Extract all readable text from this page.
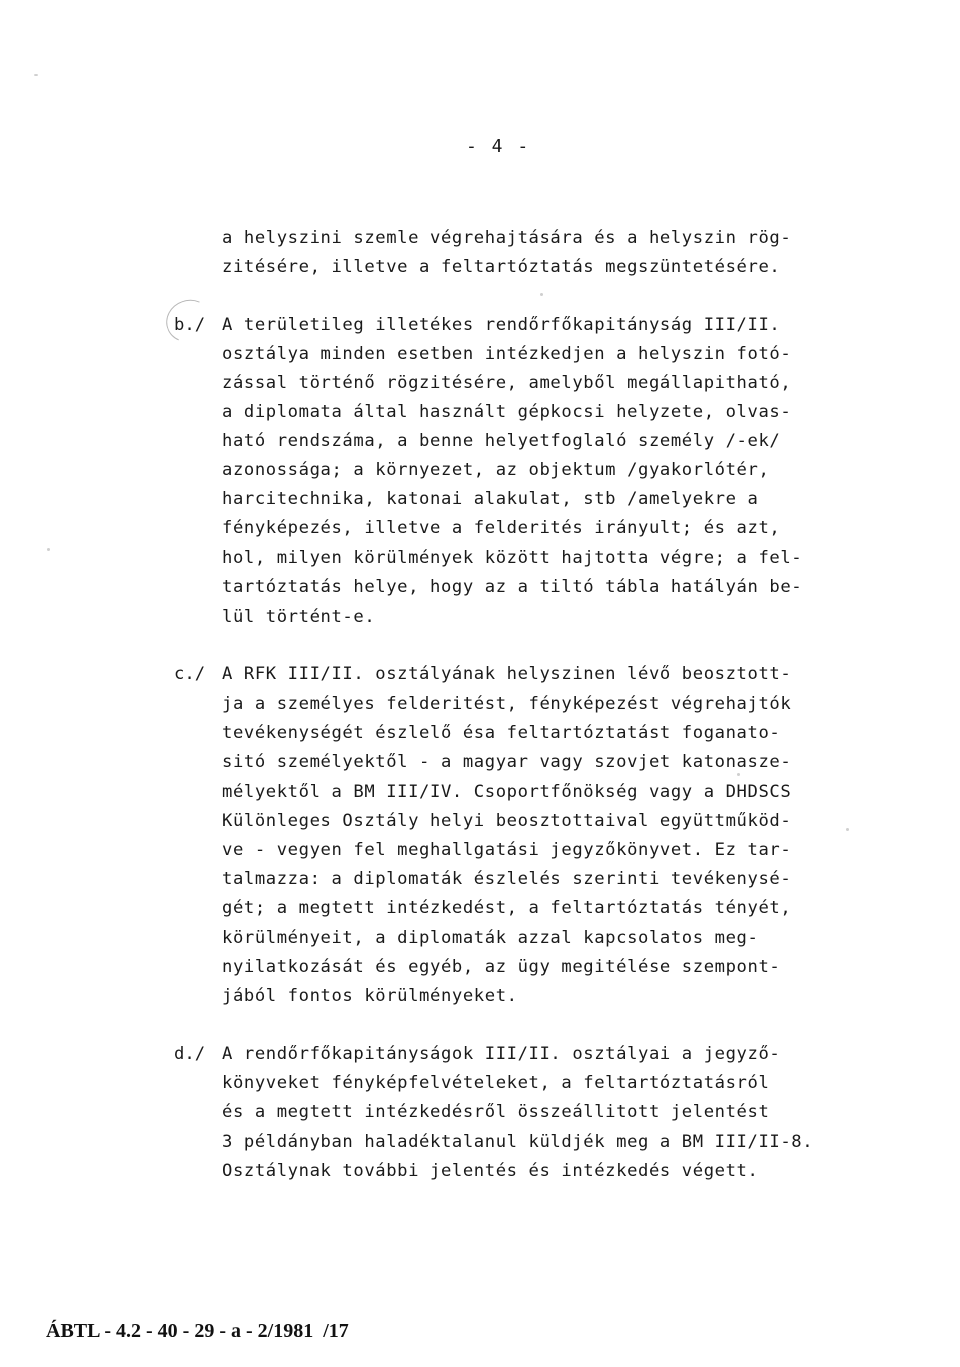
- 4 -
a helyszini szemle végrehajtására és a helyszin rög-
zitésére, illetve a feltartóztatás megszüntetésére.
b./ A területileg illetékes rendőrfőkapitányság III/II.
osztálya minden esetben intézkedjen a helyszin fotó-
zással történő rögzitésére, amelyből megállapitható,
a diplomata által használt gépkocsi helyzete, olvas-
ható rendszáma, a benne helyetfoglaló személy /-ek/
azonossága; a környezet, az objektum /gyakorlótér,
harcitechnika, katonai alakulat, stb /amelyekre a
fényképezés, illetve a felderités irányult; és azt,
hol, milyen körülmények között hajtotta végre; a fel-
tartóztatás helye, hogy az a tiltó tábla hatályán be-
lül történt-e.
c./ A RFK III/II. osztályának helyszinen lévő beosztott-
ja a személyes felderitést, fényképezést végrehajtók
tevékenységét észlelő ésa feltartóztatást foganato-
sitó személyektől - a magyar vagy szovjet katonasze-
mélyektől a BM III/IV. Csoportfőnökség vagy a DHDSCS
Különleges Osztály helyi beosztottaival együttműköd-
ve - vegyen fel meghallgatási jegyzőkönyvet. Ez tar-
talmazza: a diplomaták észlelés szerinti tevékenysé-
gét; a megtett intézkedést, a feltartóztatás tényét,
körülményeit, a diplomaták azzal kapcsolatos meg-
nyilatkozását és egyéb, az ügy megitélése szempont-
jából fontos körülményeket.
d./ A rendőrfőkapitányságok III/II. osztályai a jegyző-
könyveket fényképfelvételeket, a feltartóztatásról
és a megtett intézkedésről összeállitott jelentést
3 példányban haladéktalanul küldjék meg a BM III/II-8.
Osztálynak további jelentés és intézkedés végett.
ÁBTL - 4.2 - 40 - 29 - a - 2/1981  /17
